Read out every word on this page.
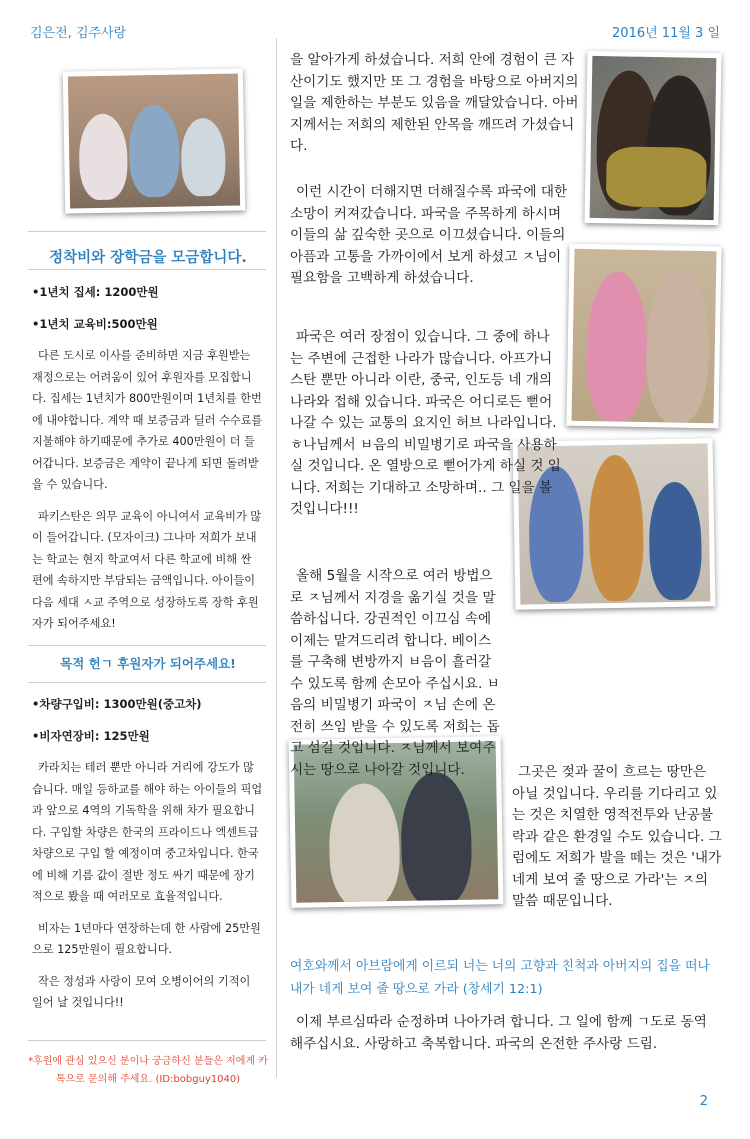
김은전, 김주사랑	2016년 11월 3 일
정착비와 장학금을 모금합니다.

•1년치 집세: 1200만원

•1년치 교육비:500만원

다른 도시로 이사를 준비하면 지금 후원받는 재정으로는 어려움이 있어 후원자를 모집합니다. 집세는 1년치가 800만원이며 1년치를 한번에 내야합니다. 계약 때 보증금과 딜러 수수료를 지불해야 하기때문에 추가로 400만원이 더 들어갑니다. 보증금은 계약이 끝나게 되면 돌려받을 수 있습니다.

파키스탄은 의무 교육이 아니여서 교육비가 많이 들어갑니다. (모자이크) 그나마 저희가 보내는 학교는 현지 학교여서 다른 학교에 비해 싼 편에 속하지만 부담되는 금액입니다. 아이들이 다음 세대 ㅅ교 주역으로 성장하도록 장학 후원자가 되어주세요!

목적 헌ㄱ 후원자가 되어주세요!

•차량구입비: 1300만원(중고차)

•비자연장비: 125만원

카라치는 테러 뿐만 아니라 거리에 강도가 많습니다. 매일 등하교를 해야 하는 아이들의 픽업과 앞으로 4역의 기독학을 위해 차가 필요합니다. 구입할 차량은 한국의 프라이드나 엑센트급 차량으로 구입 할 예정이며 중고차입니다. 한국에 비해 기름 값이 절반 정도 싸기 때문에 장기적으로 봤을 때 여러모로 효율적입니다.

비자는 1년마다 연장하는데 한 사람에 25만원으로 125만원이 필요합니다.

작은 정성과 사랑이 모여 오병이어의 기적이 일어 날 것입니다!!

*후원에 관심 있으신 분이나 궁금하신 분들은 저에게 카톡으로 문의해 주세요. (ID:bobguy1040)
을 알아가게 하셨습니다. 저희 안에 경험이 큰 자산이기도 했지만 또 그 경험을 바탕으로 아버지의 일을 제한하는 부분도 있음을 깨달았습니다. 아버지께서는 저희의 제한된 안목을 깨뜨려 가셨습니다.
이런 시간이 더해지면 더해질수록 파국에 대한 소망이 커져갔습니다. 파국을 주목하게 하시며 이들의 삶 깊숙한 곳으로 이끄셨습니다. 이들의 아픔과 고통을 가까이에서 보게 하셨고 ㅈ님이 필요함을 고백하게 하셨습니다.
파국은 여러 장점이 있습니다. 그 중에 하나는 주변에 근접한 나라가 많습니다. 아프가니스탄 뿐만 아니라 이란, 중국, 인도등 네 개의 나라와 접해 있습니다. 파국은 어디로든 뻗어나갈 수 있는 교통의 요지인 허브 나라입니다. ㅎ나님께서 ㅂ음의 비밀병기로 파국을 사용하실 것입니다. 온 열방으로 뻗어가게 하실 것 입니다. 저희는 기대하고 소망하며.. 그 일을 볼 것입니다!!!
올해 5월을 시작으로 여러 방법으로 ㅈ님께서 지경을 옮기실 것을 말씀하십니다. 강권적인 이끄심 속에 이제는 맡겨드리려 합니다. 베이스를 구축해 변방까지 ㅂ음이 흘러갈 수 있도록 함께 손모아 주십시요. ㅂ음의 비밀병기 파국이 ㅈ님 손에 온전히 쓰임 받을 수 있도록 저희는 돕고 섬길 것입니다. ㅈ님께서 보여주시는 땅으로 나아갈 것입니다.	그곳은 젖과 꿀이 흐르는 땅만은 아닐 것입니다. 우리를 기다리고 있는 것은 치열한 영적전투와 난공불락과 같은 환경일 수도 있습니다. 그럼에도 저희가 발을 떼는 것은 '내가 네게 보여 줄 땅으로 가라'는 ㅈ의 말씀 때문입니다.
여호와께서 아브람에게 이르되 너는 너의 고향과 친척과 아버지의 집을 떠나 내가 네게 보여 줄 땅으로 가라 (창세기 12:1)
이제 부르심따라 순정하며 나아가려 합니다. 그 일에 함께 ㄱ도로 동역해주십시요. 사랑하고 축복합니다. 파국의 온전한 주사랑 드림.
2
